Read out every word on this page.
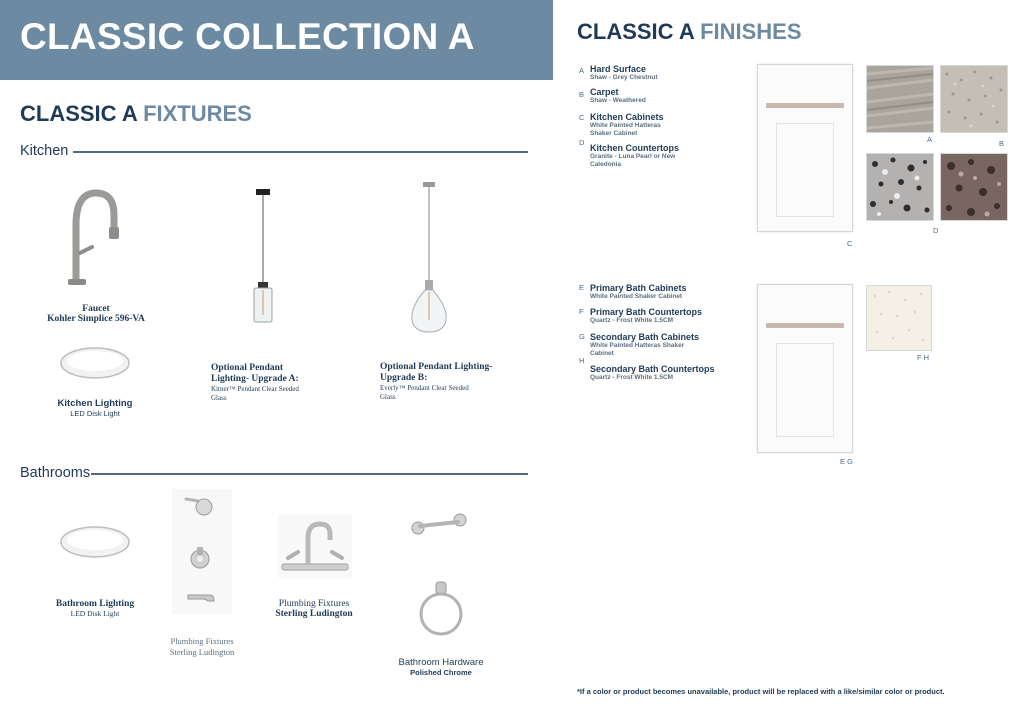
CLASSIC COLLECTION A
CLASSIC A FIXTURES
Kitchen
Faucet
Kohler Simplice 596-VA
Kitchen Lighting
LED Disk Light
Optional Pendant
Lighting- Upgrade A:
Kitner™ Pendant Clear Seeded
Glass
Optional Pendant Lighting-
Upgrade B:
Everly™ Pendant Clear Seeded
Glass
Bathrooms
Bathroom Lighting
LED Disk Light
Plumbing Fixtures
Sterling Ludington
Plumbing Fixtures
Sterling Ludington
Bathroom Hardware
Polished Chrome
CLASSIC A FINISHES
A Hard Surface
Shaw - Grey Chestnut
B Carpet
Shaw - Weathered
C Kitchen Cabinets
White Painted Hatteras
Shaker Cabinet
D
Kitchen Countertops
Granite - Luna Pearl or New
Caledonia
C
A	B
D
E Primary Bath Cabinets
White Painted Shaker Cabinet
F Primary Bath Countertops
Quartz - Frost White 1.5CM
G Secondary Bath Cabinets
White Painted Hatteras Shaker
Cabinet
H
Secondary Bath Countertops
Quartz - Frost White 1.5CM
E G
F H
*If a color or product becomes unavailable, product will be replaced with a like/similar color or product.
